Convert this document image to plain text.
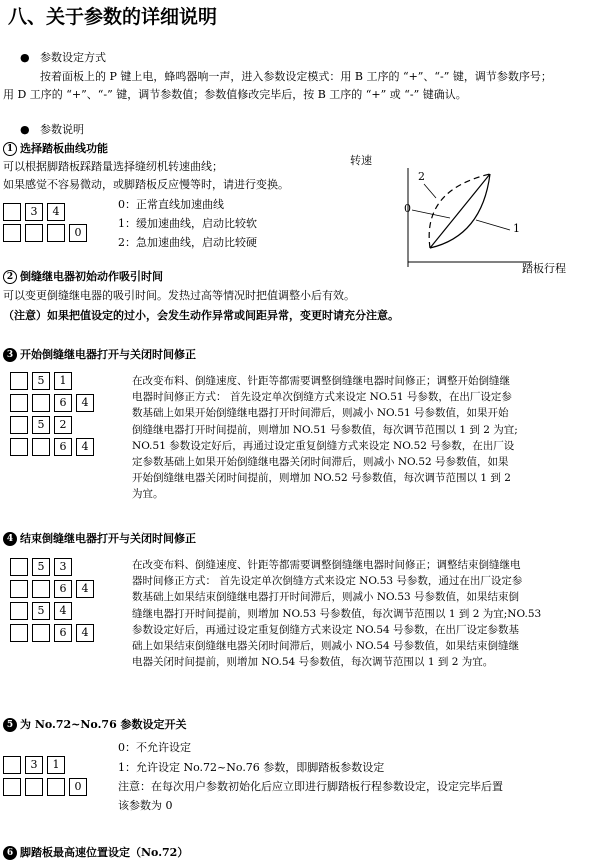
八、关于参数的详细说明
● 参数设定方式
按着面板上的 P 键上电，蜂鸣器响一声，进入参数设定模式：用 B 工序的 “+”、“-” 键，调节参数序号；
用 D 工序的 “+”、“-” 键，调节参数值；参数值修改完毕后，按 B 工序的 “+” 或 “-” 键确认。
● 参数说明
1 选择踏板曲线功能
可以根据脚踏板踩踏量选择缝纫机转速曲线；
如果感觉不容易微动，或脚踏板反应慢等时，请进行变换。
3	4
0
0：正常直线加速曲线
1：缓加速曲线，启动比较软
2：急加速曲线，启动比较硬
转速
2
0
1
踏板行程
2 倒缝继电器初始动作吸引时间
可以变更倒缝继电器的吸引时间。发热过高等情况时把值调整小后有效。
（注意）如果把值设定的过小，会发生动作异常或间距异常，变更时请充分注意。
3 开始倒缝继电器打开与关闭时间修正
5	1
6	4
5	2
6	4
在改变布料、倒缝速度、针距等都需要调整倒缝继电器时间修正；调整开始倒缝继
电器时间修正方式： 首先设定单次倒缝方式来设定 NO.51 号参数，在出厂设定参
数基础上如果开始倒缝继电器打开时间滞后，则减小 NO.51 号参数值，如果开始
倒缝继电器打开时间提前，则增加 NO.51 号参数值，每次调节范围以 1 到 2 为宜;
NO.51 参数设定好后，再通过设定重复倒缝方式来设定 NO.52 号参数，在出厂设
定参数基础上如果开始倒缝继电器关闭时间滞后，则减小 NO.52 号参数值，如果
开始倒缝继电器关闭时间提前，则增加 NO.52 号参数值，每次调节范围以 1 到 2
为宜。
4 结束倒缝继电器打开与关闭时间修正
5	3
6	4
5	4
6	4
在改变布料、倒缝速度、针距等都需要调整倒缝继电器时间修正；调整结束倒缝继电
器时间修正方式： 首先设定单次倒缝方式来设定 NO.53 号参数，通过在出厂设定参
数基础上如果结束倒缝继电器打开时间滞后，则减小 NO.53 号参数值，如果结束倒
缝继电器打开时间提前，则增加 NO.53 号参数值，每次调节范围以 1 到 2 为宜;NO.53
参数设定好后，再通过设定重复倒缝方式来设定 NO.54 号参数，在出厂设定参数基
础上如果结束倒缝继电器关闭时间滞后，则减小 NO.54 号参数值，如果结束倒缝继
电器关闭时间提前，则增加 NO.54 号参数值，每次调节范围以 1 到 2 为宜。
5 为 No.72~No.76 参数设定开关
0：不允许设定
3	1
0
1：允许设定 No.72~No.76 参数，即脚踏板参数设定
注意：在每次用户参数初始化后应立即进行脚踏板行程参数设定，设定完毕后置
该参数为 0
6 脚踏板最高速位置设定（No.72）
